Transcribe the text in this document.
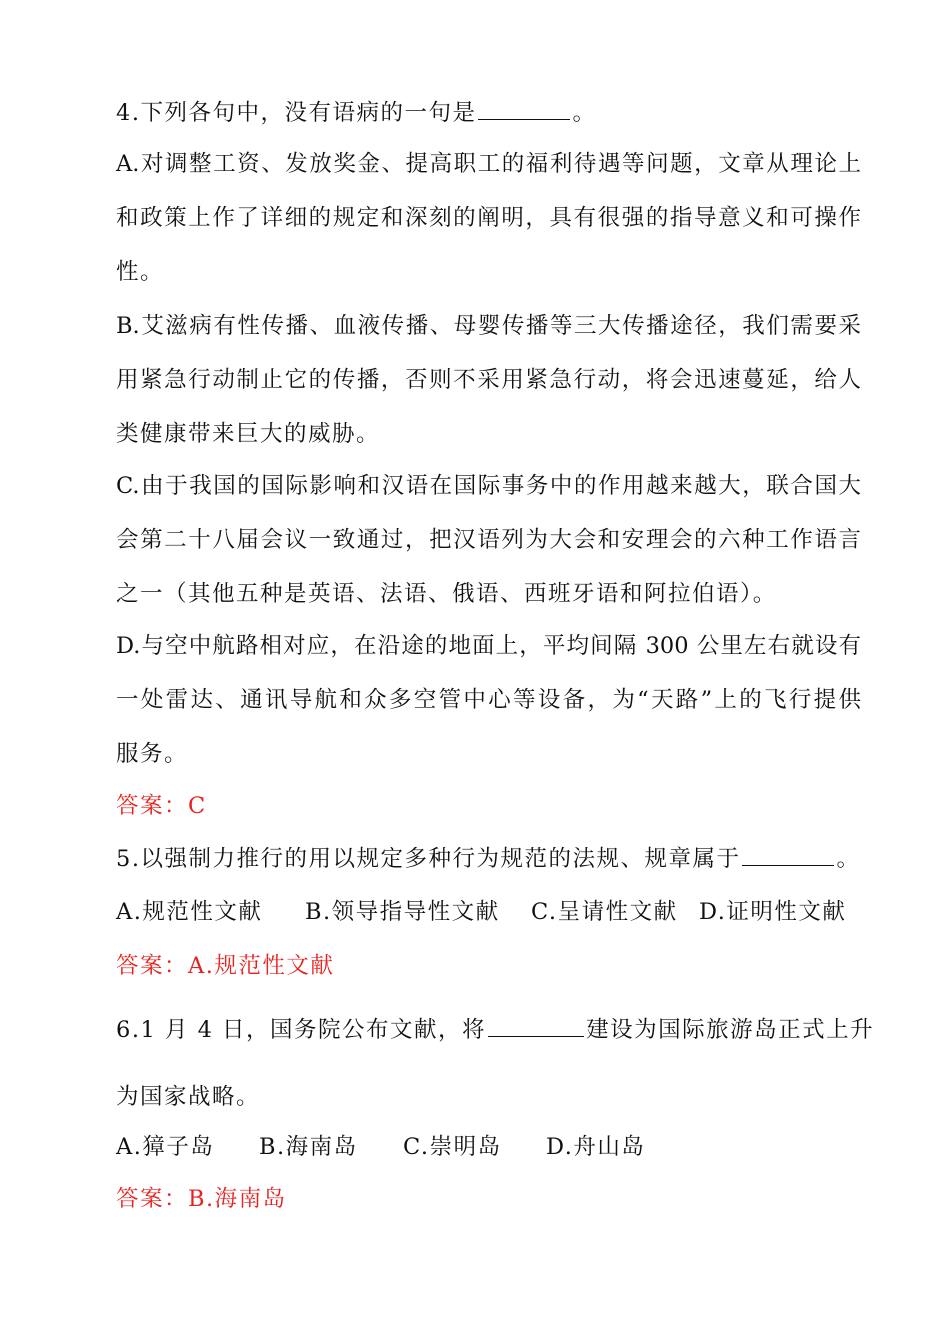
4.下列各句中，没有语病的一句是	。
A.对调整工资、发放奖金、提高职工的福利待遇等问题，文章从理论上
和政策上作了详细的规定和深刻的阐明，具有很强的指导意义和可操作
性。
B.艾滋病有性传播、血液传播、母婴传播等三大传播途径，我们需要采
用紧急行动制止它的传播，否则不采用紧急行动，将会迅速蔓延，给人
类健康带来巨大的威胁。
C.由于我国的国际影响和汉语在国际事务中的作用越来越大，联合国大
会第二十八届会议一致通过，把汉语列为大会和安理会的六种工作语言
之一（其他五种是英语、法语、俄语、西班牙语和阿拉伯语）。
D.与空中航路相对应，在沿途的地面上，平均间隔 300 公里左右就设有
一处雷达、通讯导航和众多空管中心等设备，为“天路”上的飞行提供
服务。
答案：C
5.以强制力推行的用以规定多种行为规范的法规、规章属于	。
A.规范性文献 B.领导指导性文献 C.呈请性文献 D.证明性文献
答案：A.规范性文献
6.1 月 4 日，国务院公布文献，将	建设为国际旅游岛正式上升
为国家战略。
A.獐子岛 B.海南岛 C.崇明岛 D.舟山岛
答案：B.海南岛
